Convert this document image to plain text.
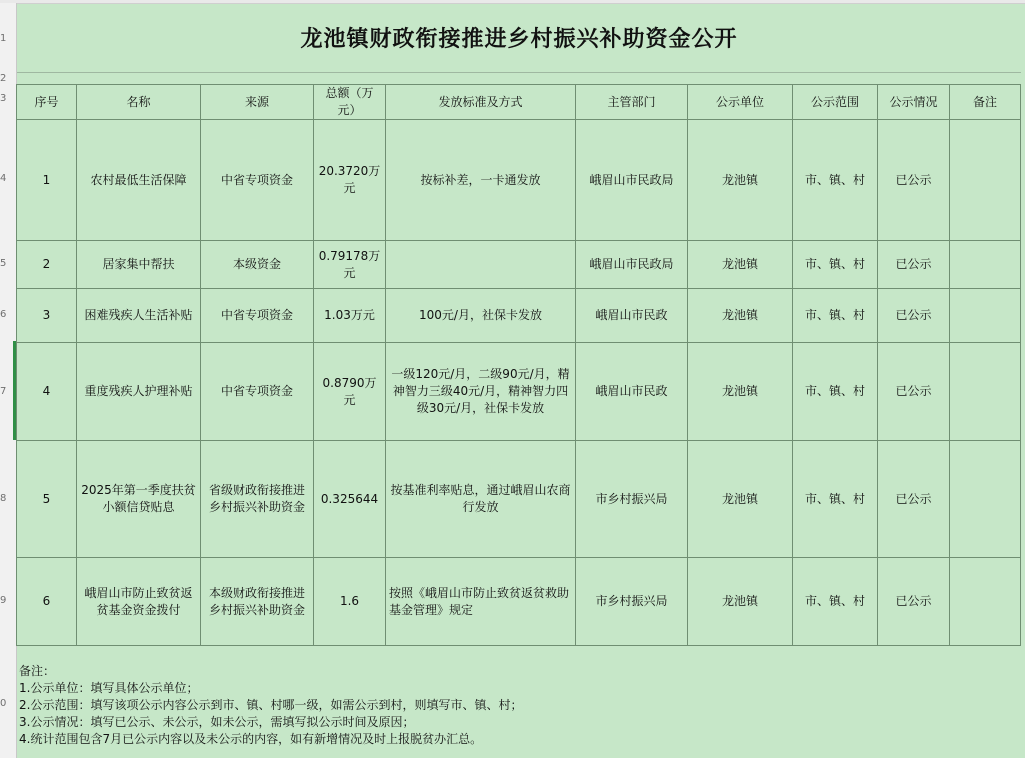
1
2
3
4
5
6
7
8
9
0
龙池镇财政衔接推进乡村振兴补助资金公开
序号	名称	来源	总额（万元）	发放标准及方式	主管部门	公示单位	公示范围	公示情况	备注
1	农村最低生活保障	中省专项资金	20.3720万元	按标补差，一卡通发放	峨眉山市民政局	龙池镇	市、镇、村	已公示	
2	居家集中帮扶	本级资金	0.79178万元		峨眉山市民政局	龙池镇	市、镇、村	已公示	
3	困难残疾人生活补贴	中省专项资金	1.03万元	100元/月，社保卡发放	峨眉山市民政	龙池镇	市、镇、村	已公示	
4	重度残疾人护理补贴	中省专项资金	0.8790万元	一级120元/月，二级90元/月，精神智力三级40元/月，精神智力四级30元/月，社保卡发放	峨眉山市民政	龙池镇	市、镇、村	已公示	
5	2025年第一季度扶贫小额信贷贴息	省级财政衔接推进乡村振兴补助资金	0.325644	按基准利率贴息，通过峨眉山农商行发放	市乡村振兴局	龙池镇	市、镇、村	已公示	
6	峨眉山市防止致贫返贫基金资金拨付	本级财政衔接推进乡村振兴补助资金	1.6	按照《峨眉山市防止致贫返贫救助基金管理》规定	市乡村振兴局	龙池镇	市、镇、村	已公示	
备注：
1.公示单位：填写具体公示单位；
2.公示范围：填写该项公示内容公示到市、镇、村哪一级，如需公示到村，则填写市、镇、村；
3.公示情况：填写已公示、未公示，如未公示，需填写拟公示时间及原因；
4.统计范围包含7月已公示内容以及未公示的内容，如有新增情况及时上报脱贫办汇总。
